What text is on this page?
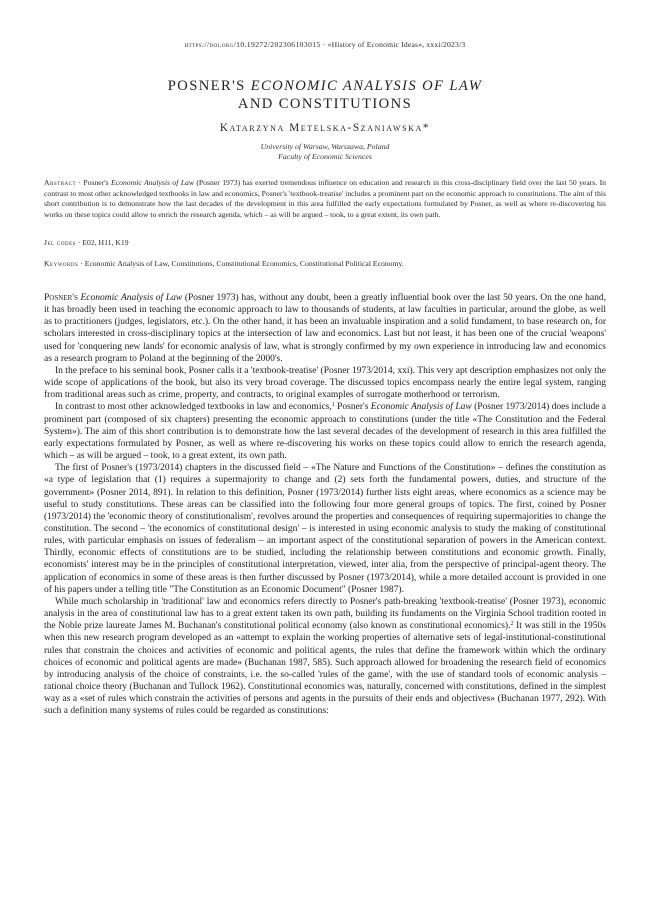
https://doi.org/10.19272/202306103015 · «History of Economic Ideas», xxxi/2023/3
POSNER'S ECONOMIC ANALYSIS OF LAW
AND CONSTITUTIONS
Katarzyna Metelska-Szaniawska*
University of Warsaw, Warszawa, Poland
Faculty of Economic Sciences
Abstract · Posner's Economic Analysis of Law (Posner 1973) has exerted tremendous influence on education and research in this cross-disciplinary field over the last 50 years. In contrast to most other acknowledged textbooks in law and economics, Posner's 'textbook-treatise' includes a prominent part on the economic approach to constitutions. The aim of this short contribution is to demonstrate how the last decades of the development in this area fulfilled the early expectations formulated by Posner, as well as where re-discovering his works on these topics could allow to enrich the research agenda, which – as will be argued – took, to a great extent, its own path.
Jel codes · E02, H11, K19
Keywords · Economic Analysis of Law, Constitutions, Constitutional Economics, Constitutional Political Economy.

Posner's Economic Analysis of Law (Posner 1973) has, without any doubt, been a greatly influential book over the last 50 years. On the one hand, it has broadly been used in teaching the economic approach to law to thousands of students, at law faculties in particular, around the globe, as well as to practitioners (judges, legislators, etc.). On the other hand, it has been an invaluable inspiration and a solid fundament, to base research on, for scholars interested in cross-disciplinary topics at the intersection of law and economics. Last but not least, it has been one of the crucial 'weapons' used for 'conquering new lands' for economic analysis of law, what is strongly confirmed by my own experience in introducing law and economics as a research program to Poland at the beginning of the 2000's.

In the preface to his seminal book, Posner calls it a 'textbook-treatise' (Posner 1973/2014, xxi). This very apt description emphasizes not only the wide scope of applications of the book, but also its very broad coverage. The discussed topics encompass nearly the entire legal system, ranging from traditional areas such as crime, property, and contracts, to original examples of surrogate motherhood or terrorism.

In contrast to most other acknowledged textbooks in law and economics,$^1$ Posner's Economic Analysis of Law (Posner 1973/2014) does include a prominent part (composed of six chapters) presenting the economic approach to constitutions (under the title «The Constitution and the Federal System»). The aim of this short contribution is to demonstrate how the last several decades of the development of research in this area fulfilled the early expectations formulated by Posner, as well as where re-discovering his works on these topics could allow to enrich the research agenda, which – as will be argued – took, to a great extent, its own path.

The first of Posner's (1973/2014) chapters in the discussed field – «The Nature and Functions of the Constitution» – defines the constitution as «a type of legislation that (1) requires a supermajority to change and (2) sets forth the fundamental powers, duties, and structure of the government» (Posner 2014, 891). In relation to this definition, Posner (1973/2014) further lists eight areas, where economics as a science may be useful to study constitutions. These areas can be classified into the following four more general groups of topics. The first, coined by Posner (1973/2014) the 'economic theory of constitutionalism', revolves around the properties and consequences of requiring supermajorities to change the constitution. The second – 'the economics of constitutional design' – is interested in using economic analysis to study the making of constitutional rules, with particular emphasis on issues of federalism – an important aspect of the constitutional separation of powers in the American context. Thirdly, economic effects of constitutions are to be studied, including the relationship between constitutions and economic growth. Finally, economists' interest may be in the principles of constitutional interpretation, viewed, inter alia, from the perspective of principal-agent theory. The application of economics in some of these areas is then further discussed by Posner (1973/2014), while a more detailed account is provided in one of his papers under a telling title "The Constitution as an Economic Document" (Posner 1987).

While much scholarship in 'traditional' law and economics refers directly to Posner's path-breaking 'textbook-treatise' (Posner 1973), economic analysis in the area of constitutional law has to a great extent taken its own path, building its fundaments on the Virginia School tradition rooted in the Noble prize laureate James M. Buchanan's constitutional political economy (also known as constitutional economics).$^2$ It was still in the 1950s when this new research program developed as an «attempt to explain the working properties of alternative sets of legal-institutional-constitutional rules that constrain the choices and activities of economic and political agents, the rules that define the framework within which the ordinary choices of economic and political agents are made» (Buchanan 1987, 585). Such approach allowed for broadening the research field of economics by introducing analysis of the choice of constraints, i.e. the so-called 'rules of the game', with the use of standard tools of economic analysis – rational choice theory (Buchanan and Tullock 1962). Constitutional economics was, naturally, concerned with constitutions, defined in the simplest way as a «set of rules which constrain the activities of persons and agents in the pursuits of their ends and objectives» (Buchanan 1977, 292). With such a definition many systems of rules could be regarded as constitutions:
